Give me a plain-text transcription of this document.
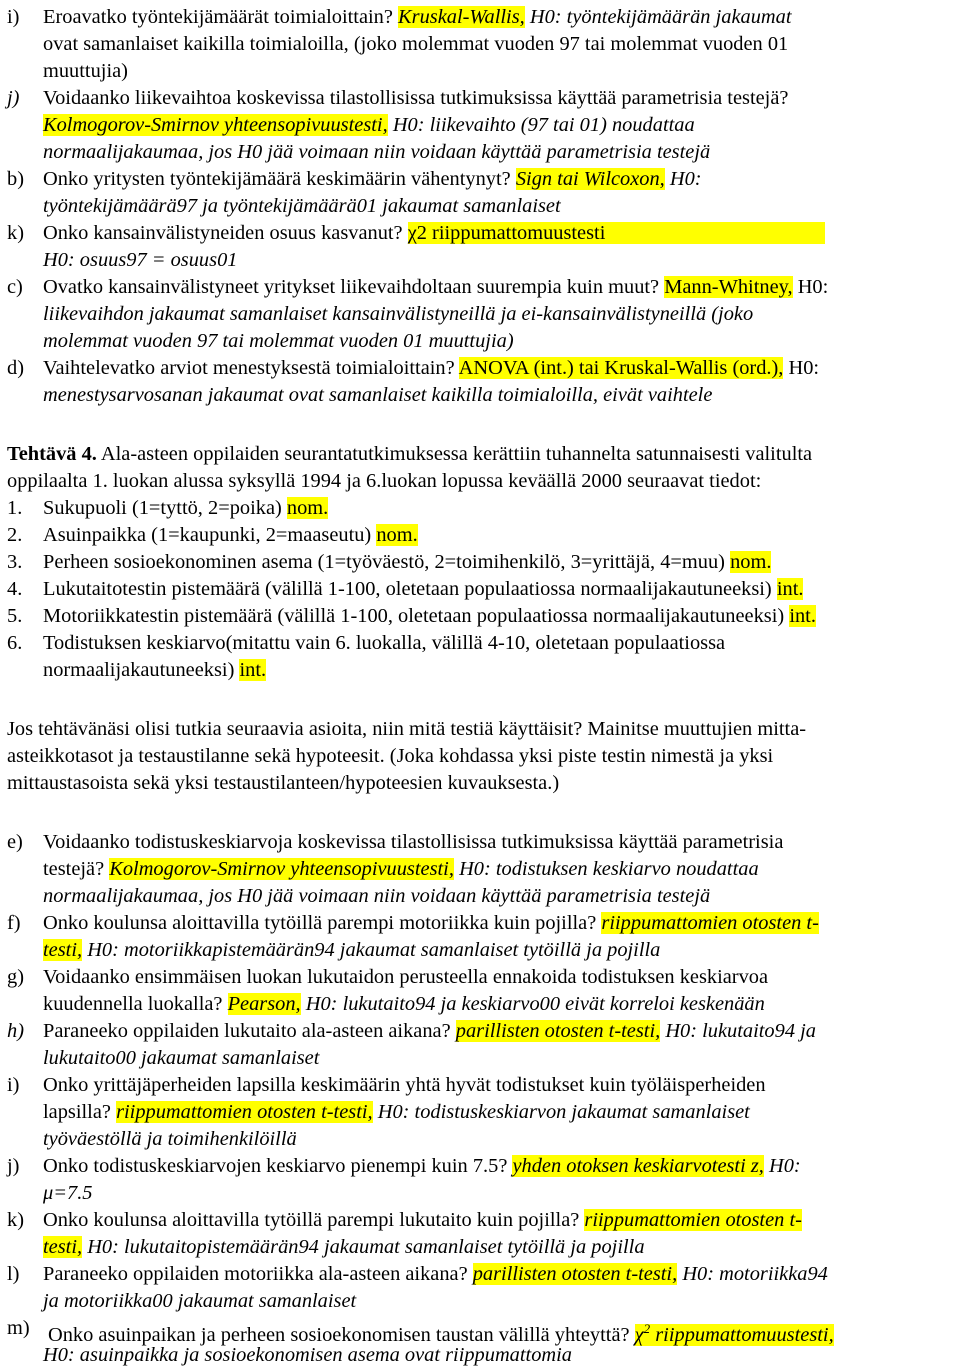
i) Eroavatko työntekijämäärät toimialoittain? Kruskal-Wallis, H0: työntekijämäärän jakaumat
ovat samanlaiset kaikilla toimialoilla, (joko molemmat vuoden 97 tai molemmat vuoden 01
muuttujia)
j) Voidaanko liikevaihtoa koskevissa tilastollisissa tutkimuksissa käyttää parametrisia testejä?
Kolmogorov-Smirnov yhteensopivuustesti, H0: liikevaihto (97 tai 01) noudattaa
normaalijakaumaa, jos H0 jää voimaan niin voidaan käyttää parametrisia testejä
b) Onko yritysten työntekijämäärä keskimäärin vähentynyt? Sign tai Wilcoxon, H0:
työntekijämäärä97 ja työntekijämäärä01 jakaumat samanlaiset
k) Onko kansainvälistyneiden osuus kasvanut? χ2 riippumattomuustesti
H0: osuus97 = osuus01
c) Ovatko kansainvälistyneet yritykset liikevaihdoltaan suurempia kuin muut? Mann-Whitney, H0:
liikevaihdon jakaumat samanlaiset kansainvälistyneillä ja ei-kansainvälistyneillä (joko
molemmat vuoden 97 tai molemmat vuoden 01 muuttujia)
d) Vaihtelevatko arviot menestyksestä toimialoittain? ANOVA (int.) tai Kruskal-Wallis (ord.), H0:
menestysarvosanan jakaumat ovat samanlaiset kaikilla toimialoilla, eivät vaihtele
Tehtävä 4. Ala-asteen oppilaiden seurantatutkimuksessa kerättiin tuhannelta satunnaisesti valitulta
oppilaalta 1. luokan alussa syksyllä 1994 ja 6.luokan lopussa keväällä 2000 seuraavat tiedot:
1. Sukupuoli (1=tyttö, 2=poika) nom.
2. Asuinpaikka (1=kaupunki, 2=maaseutu) nom.
3. Perheen sosioekonominen asema (1=työväestö, 2=toimihenkilö, 3=yrittäjä, 4=muu) nom.
4. Lukutaitotestin pistemäärä (välillä 1-100, oletetaan populaatiossa normaalijakautuneeksi) int.
5. Motoriikkatestin pistemäärä (välillä 1-100, oletetaan populaatiossa normaalijakautuneeksi) int.
6. Todistuksen keskiarvo(mitattu vain 6. luokalla, välillä 4-10, oletetaan populaatiossa
normaalijakautuneeksi) int.
Jos tehtävänäsi olisi tutkia seuraavia asioita, niin mitä testiä käyttäisit? Mainitse muuttujien mitta-
asteikkotasot ja testaustilanne sekä hypoteesit. (Joka kohdassa yksi piste testin nimestä ja yksi
mittaustasoista sekä yksi testaustilanteen/hypoteesien kuvauksesta.)
e) Voidaanko todistuskeskiarvoja koskevissa tilastollisissa tutkimuksissa käyttää parametrisia
testejä? Kolmogorov-Smirnov yhteensopivuustesti, H0: todistuksen keskiarvo noudattaa
normaalijakaumaa, jos H0 jää voimaan niin voidaan käyttää parametrisia testejä
f) Onko koulunsa aloittavilla tytöillä parempi motoriikka kuin pojilla? riippumattomien otosten t-
testi, H0: motoriikkapistemäärän94 jakaumat samanlaiset tytöillä ja pojilla
g) Voidaanko ensimmäisen luokan lukutaidon perusteella ennakoida todistuksen keskiarvoa
kuudennella luokalla? Pearson, H0: lukutaito94 ja keskiarvo00 eivät korreloi keskenään
h) Paraneeko oppilaiden lukutaito ala-asteen aikana? parillisten otosten t-testi, H0: lukutaito94 ja
lukutaito00 jakaumat samanlaiset
i) Onko yrittäjäperheiden lapsilla keskimäärin yhtä hyvät todistukset kuin työläisperheiden
lapsilla? riippumattomien otosten t-testi, H0: todistuskeskiarvon jakaumat samanlaiset
työväestöllä ja toimihenkilöillä
j) Onko todistuskeskiarvojen keskiarvo pienempi kuin 7.5? yhden otoksen keskiarvotesti z, H0:
μ=7.5
k) Onko koulunsa aloittavilla tytöillä parempi lukutaito kuin pojilla? riippumattomien otosten t-
testi, H0: lukutaitopistemäärän94 jakaumat samanlaiset tytöillä ja pojilla
l) Paraneeko oppilaiden motoriikka ala-asteen aikana? parillisten otosten t-testi, H0: motoriikka94
ja motoriikka00 jakaumat samanlaiset
m) Onko asuinpaikan ja perheen sosioekonomisen taustan välillä yhteyttä? $\chi^2$ riippumattomuustesti,
H0: asuinpaikka ja sosioekonomisen asema ovat riippumattomia
